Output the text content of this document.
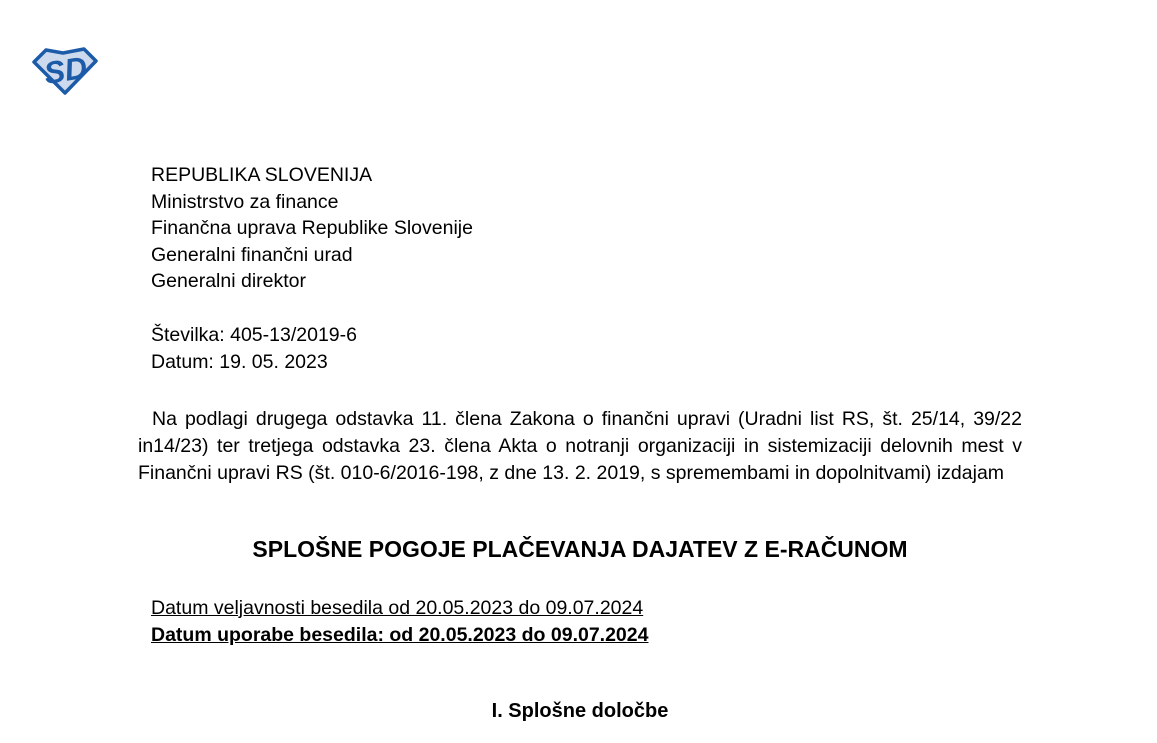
SD
REPUBLIKA SLOVENIJA
Ministrstvo za finance
Finančna uprava Republike Slovenije
Generalni finančni urad
Generalni direktor
Številka: 405-13/2019-6
Datum: 19. 05. 2023

Na podlagi drugega odstavka 11. člena Zakona o finančni upravi (Uradni list RS, št. 25/14, 39/22 in14/23) ter tretjega odstavka 23. člena Akta o notranji organizaciji in sistemizaciji delovnih mest v Finančni upravi RS (št. 010-6/2016-198, z dne 13. 2. 2019, s spremembami in dopolnitvami) izdajam

SPLOŠNE POGOJE PLAČEVANJA DAJATEV Z E-RAČUNOM
Datum veljavnosti besedila od 20.05.2023 do 09.07.2024
Datum uporabe besedila: od 20.05.2023 do 09.07.2024
I. Splošne določbe
